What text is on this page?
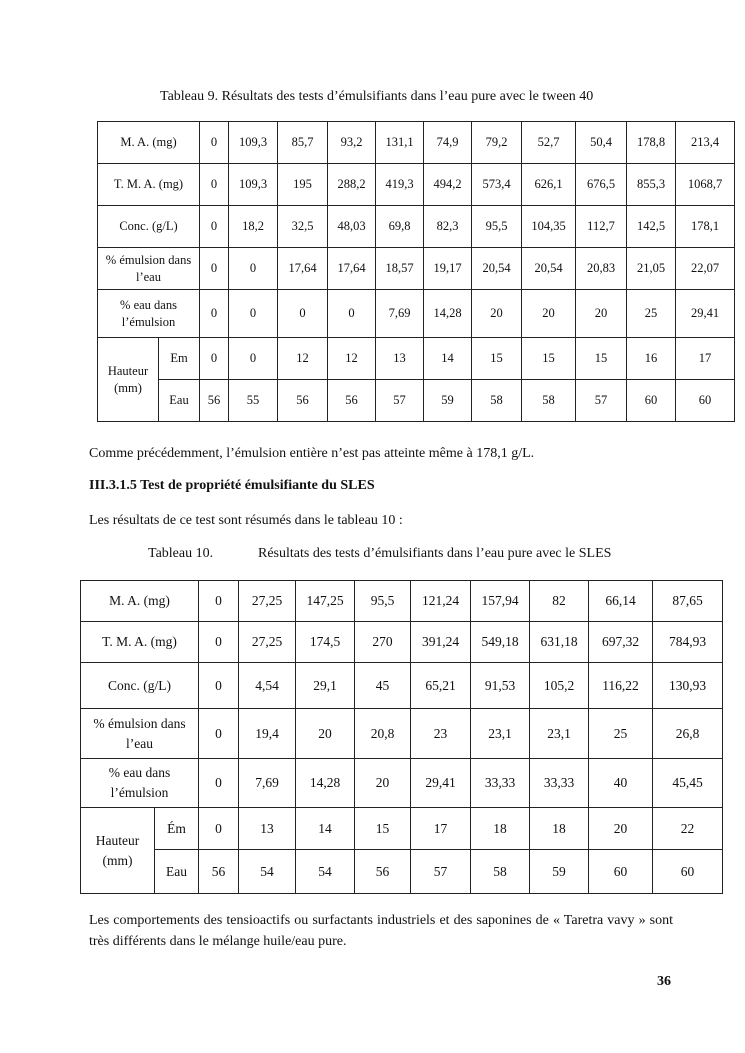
Tableau 9. Résultats des tests d’émulsifiants dans l’eau pure avec le tween 40
M. A. (mg)		0	109,3	85,7	93,2	131,1	74,9	79,2	52,7	50,4	178,8	213,4
T. M. A. (mg)		0	109,3	195	288,2	419,3	494,2	573,4	626,1	676,5	855,3	1068,7
Conc. (g/L)		0	18,2	32,5	48,03	69,8	82,3	95,5	104,35	112,7	142,5	178,1
% émulsion dans l’eau		0	0	17,64	17,64	18,57	19,17	20,54	20,54	20,83	21,05	22,07
% eau dans l’émulsion		0	0	0	0	7,69	14,28	20	20	20	25	29,41
Hauteur (mm)	Em	0	0	12	12	13	14	15	15	15	16	17
	Eau	56	55	56	56	57	59	58	58	57	60	60
Comme précédemment, l’émulsion entière n’est pas atteinte même à 178,1 g/L.
III.3.1.5 Test de propriété émulsifiante du SLES
Les résultats de ce test sont résumés dans le tableau 10 :
Tableau 10.	Résultats des tests d’émulsifiants dans l’eau pure avec le SLES
M. A. (mg)		0	27,25	147,25	95,5	121,24	157,94	82	66,14	87,65
T. M. A. (mg)		0	27,25	174,5	270	391,24	549,18	631,18	697,32	784,93
Conc. (g/L)		0	4,54	29,1	45	65,21	91,53	105,2	116,22	130,93
% émulsion dans l’eau		0	19,4	20	20,8	23	23,1	23,1	25	26,8
% eau dans l’émulsion		0	7,69	14,28	20	29,41	33,33	33,33	40	45,45
Hauteur (mm)	Ém	0	13	14	15	17	18	18	20	22
	Eau	56	54	54	56	57	58	59	60	60
Les comportements des tensioactifs ou surfactants industriels et des saponines de « Taretra vavy » sont très différents dans le mélange huile/eau pure.
36
